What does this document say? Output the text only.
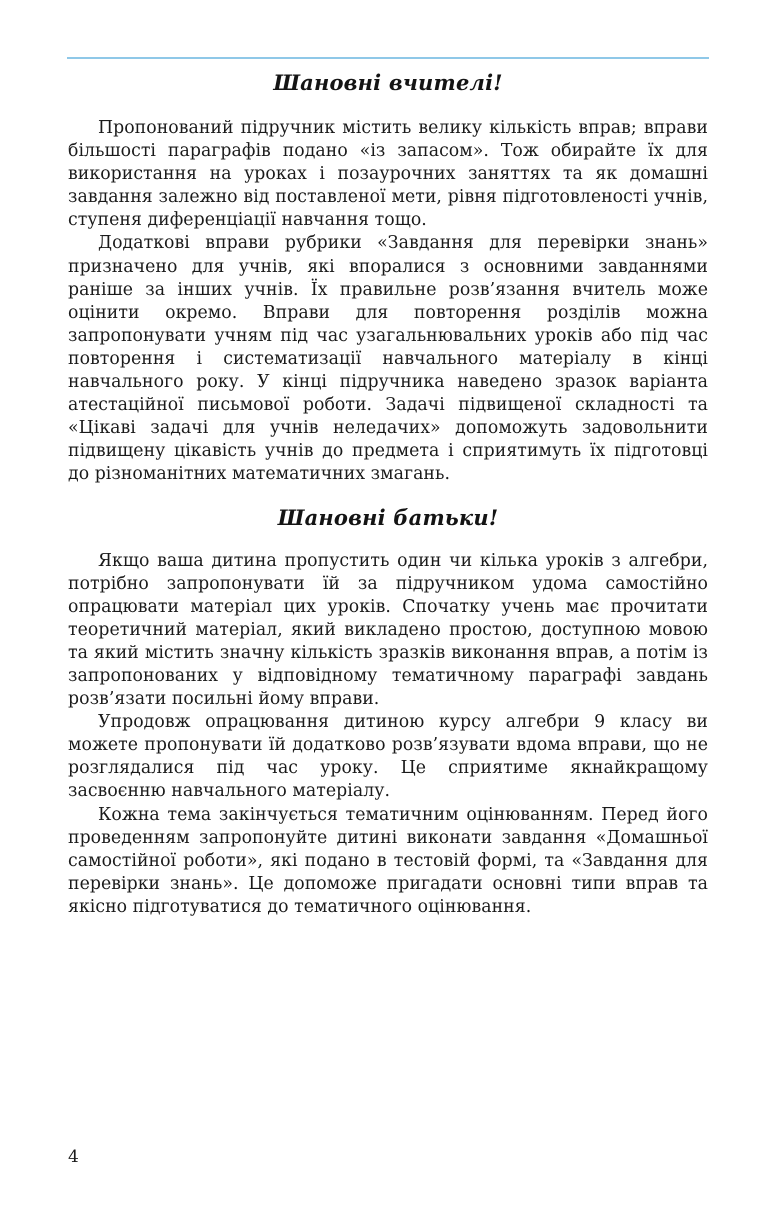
Шановні вчителі!

Пропонований підручник містить велику кількість вправ; вправи більшості параграфів подано «із запасом». Тож обирайте їх для використання на уроках і позаурочних заняттях та як домашні завдання залежно від поставленої мети, рівня підготовленості учнів, ступеня диференціації навчання тощо.

Додаткові вправи рубрики «Завдання для перевірки знань» призначено для учнів, які впоралися з основними завданнями раніше за інших учнів. Їх правильне розв’язання вчитель може оцінити окремо. Вправи для повторення розділів можна запропонувати учням під час узагальнювальних уроків або під час повторення і систематизації навчального матеріалу в кінці навчального року. У кінці підручника наведено зразок варіанта атестаційної письмової роботи. Задачі підвищеної складності та «Цікаві задачі для учнів неледачих» допоможуть задовольнити підвищену цікавість учнів до предмета і сприятимуть їх підготовці до різноманітних математичних змагань.

Шановні батьки!

Якщо ваша дитина пропустить один чи кілька уроків з алгебри, потрібно запропонувати їй за підручником удома самостійно опрацювати матеріал цих уроків. Спочатку учень має прочитати теоретичний матеріал, який викладено простою, доступною мовою та який містить значну кількість зразків виконання вправ, а потім із запропонованих у відповідному тематичному параграфі завдань розв’язати посильні йому вправи.

Упродовж опрацювання дитиною курсу алгебри 9 класу ви можете пропонувати їй додатково розв’язувати вдома вправи, що не розглядалися під час уроку. Це сприятиме якнайкращому засвоєнню навчального матеріалу.

Кожна тема закінчується тематичним оцінюванням. Перед його проведенням запропонуйте дитині виконати завдання «Домашньої самостійної роботи», які подано в тестовій формі, та «Завдання для перевірки знань». Це допоможе пригадати основні типи вправ та якісно підготуватися до тематичного оцінювання.

4
